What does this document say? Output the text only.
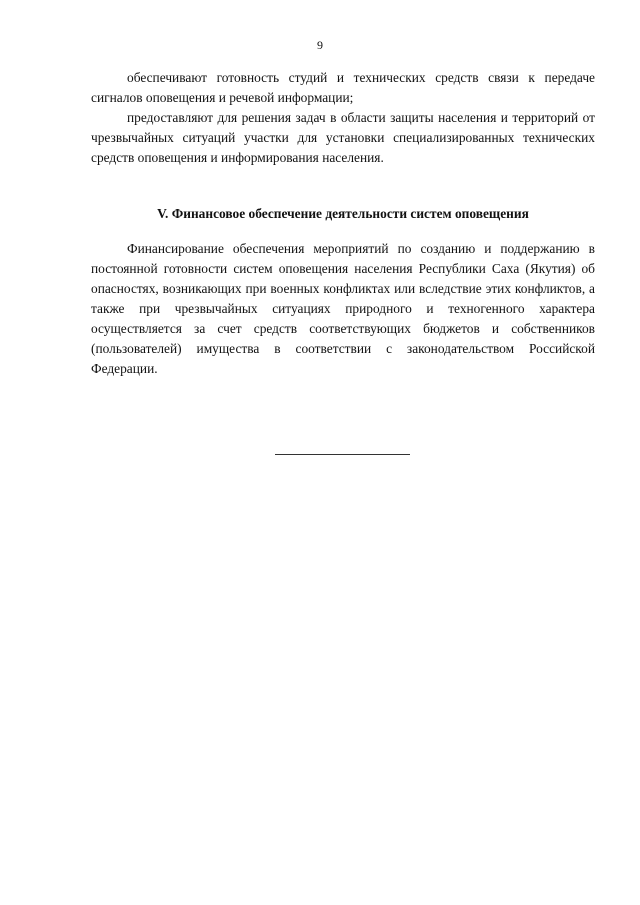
9

обеспечивают готовность студий и технических средств связи к передаче сигналов оповещения и речевой информации;

предоставляют для решения задач в области защиты населения и территорий от чрезвычайных ситуаций участки для установки специализированных технических средств оповещения и информирования населения.

V. Финансовое обеспечение деятельности систем оповещения

Финансирование обеспечения мероприятий по созданию и поддержанию в постоянной готовности систем оповещения населения Республики Саха (Якутия) об опасностях, возникающих при военных конфликтах или вследствие этих конфликтов, а также при чрезвычайных ситуациях природного и техногенного характера осуществляется за счет средств соответствующих бюджетов и собственников (пользователей) имущества в соответствии с законодательством Российской Федерации.
